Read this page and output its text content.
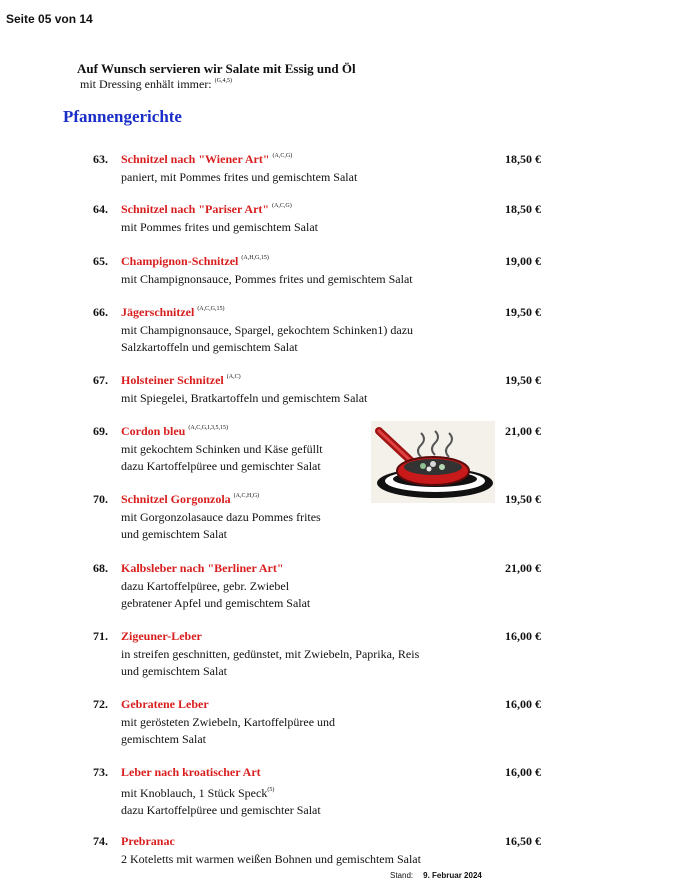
Seite 05 von 14
Auf Wunsch servieren wir Salate mit Essig und Öl
mit Dressing enhält immer: $^{(G,4,5)}$
Pfannengerichte
63. Schnitzel nach "Wiener Art" $^{(A,C,G)}$	18,50 €
paniert, mit Pommes frites und gemischtem Salat
64. Schnitzel nach "Pariser Art" $^{(A,C,G)}$	18,50 €
mit Pommes frites und gemischtem Salat
65. Champignon-Schnitzel $^{(A,H,G,15)}$	19,00 €
mit Champignonsauce, Pommes frites und gemischtem Salat
66. Jägerschnitzel $^{(A,C,G,15)}$	19,50 €
mit Champignonsauce, Spargel, gekochtem Schinken1) dazu
Salzkartoffeln und gemischtem Salat
67. Holsteiner Schnitzel $^{(A,C)}$	19,50 €
mit Spiegelei, Bratkartoffeln und gemischtem Salat
69. Cordon bleu $^{(A,C,G,I,3,5,15)}$	21,00 €
mit gekochtem Schinken und Käse gefüllt
dazu Kartoffelpüree und gemischter Salat
70. Schnitzel Gorgonzola $^{(A,C,H,G)}$	19,50 €
mit Gorgonzolasauce dazu Pommes frites
und gemischtem Salat
68. Kalbsleber nach "Berliner Art"	21,00 €
dazu Kartoffelpüree, gebr. Zwiebel
gebratener Apfel und gemischtem Salat
71. Zigeuner-Leber	16,00 €
in streifen geschnitten, gedünstet, mit Zwiebeln, Paprika, Reis
und gemischtem Salat
72. Gebratene Leber	16,00 €
mit gerösteten Zwiebeln, Kartoffelpüree und
gemischtem Salat
73. Leber nach kroatischer Art	16,00 €
mit Knoblauch, 1 Stück Speck$^{(5)}$
dazu Kartoffelpüree und gemischter Salat
74. Prebranac	16,50 €
2 Koteletts mit warmen weißen Bohnen und gemischtem Salat
Stand: 9. Februar 2024
